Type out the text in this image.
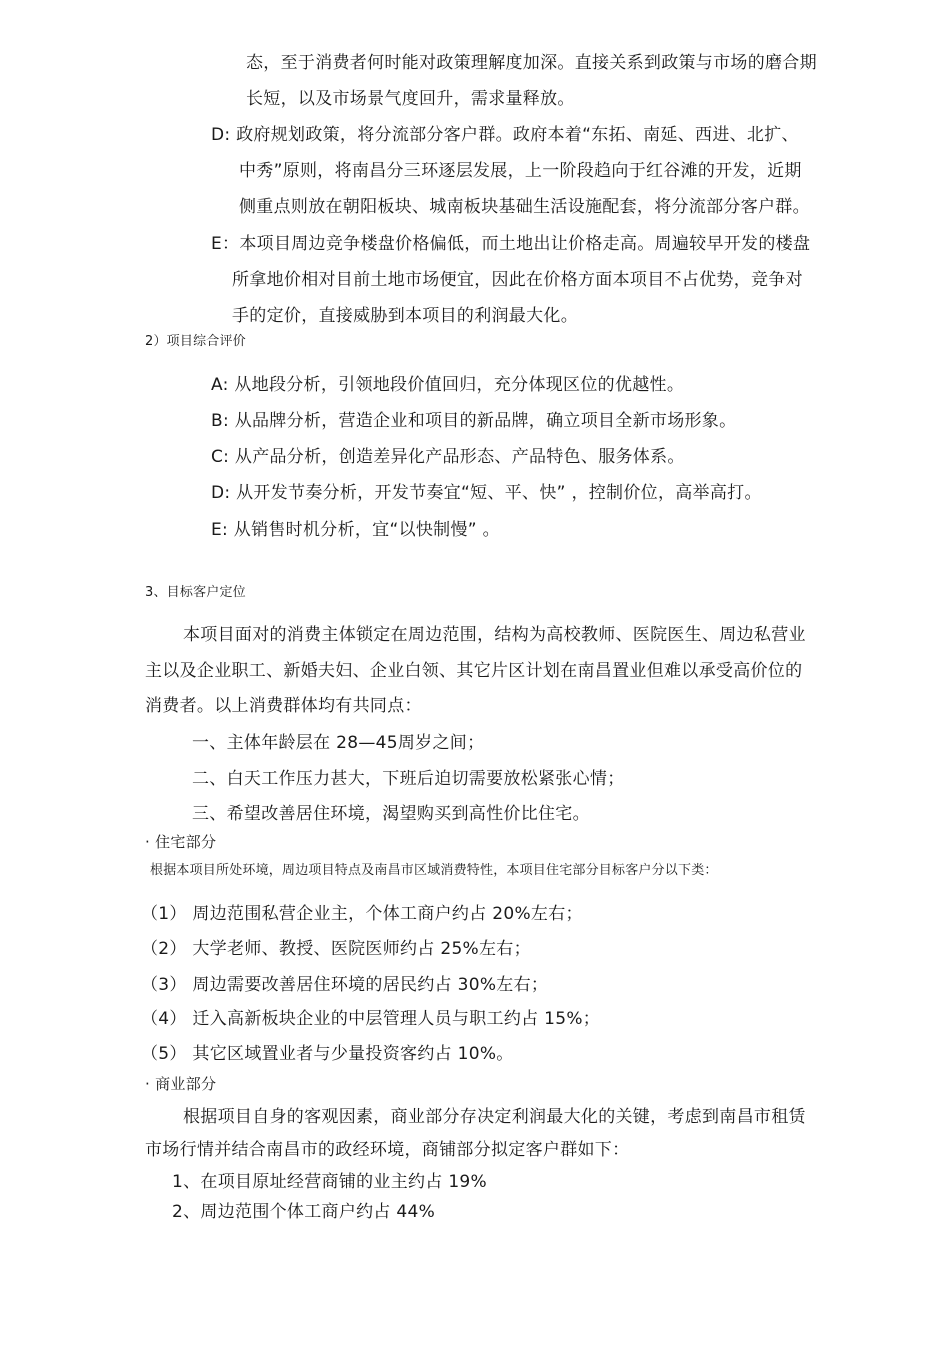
态，至于消费者何时能对政策理解度加深。直接关系到政策与市场的磨合期
长短，以及市场景气度回升，需求量释放。
D: 政府规划政策，将分流部分客户群。政府本着“东拓、南延、西进、北扩、
中秀”原则，将南昌分三环逐层发展，上一阶段趋向于红谷滩的开发，近期
侧重点则放在朝阳板块、城南板块基础生活设施配套，将分流部分客户群。
E：本项目周边竞争楼盘价格偏低，而土地出让价格走高。周遍较早开发的楼盘
所拿地价相对目前土地市场便宜，因此在价格方面本项目不占优势，竞争对
手的定价，直接威胁到本项目的利润最大化。
2）项目综合评价
A: 从地段分析，引领地段价值回归，充分体现区位的优越性。
B: 从品牌分析，营造企业和项目的新品牌，确立项目全新市场形象。
C: 从产品分析，创造差异化产品形态、产品特色、服务体系。
D: 从开发节奏分析，开发节奏宜“短、平、快” ，控制价位，高举高打。
E: 从销售时机分析，宜“以快制慢” 。
3、目标客户定位
本项目面对的消费主体锁定在周边范围，结构为高校教师、医院医生、周边私营业
主以及企业职工、新婚夫妇、企业白领、其它片区计划在南昌置业但难以承受高价位的
消费者。以上消费群体均有共同点：
一、主体年龄层在 28—45周岁之间；
二、白天工作压力甚大，下班后迫切需要放松紧张心情；
三、希望改善居住环境，渴望购买到高性价比住宅。
· 住宅部分
根据本项目所处环境，周边项目特点及南昌市区域消费特性，本项目住宅部分目标客户分以下类：
（1） 周边范围私营企业主，个体工商户约占 20%左右；
（2） 大学老师、教授、医院医师约占 25%左右；
（3） 周边需要改善居住环境的居民约占 30%左右；
（4） 迁入高新板块企业的中层管理人员与职工约占 15%；
（5） 其它区域置业者与少量投资客约占 10%。
· 商业部分
根据项目自身的客观因素，商业部分存决定利润最大化的关键，考虑到南昌市租赁
市场行情并结合南昌市的政经环境，商铺部分拟定客户群如下：
1、在项目原址经营商铺的业主约占 19%
2、周边范围个体工商户约占 44%
